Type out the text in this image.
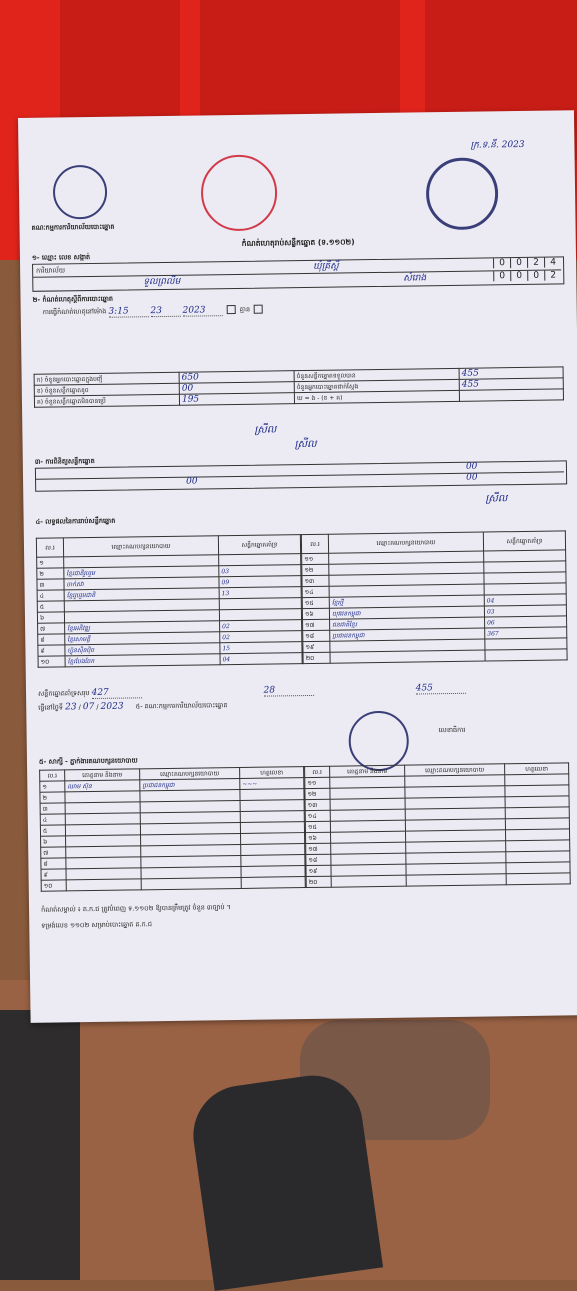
គណៈកម្មការការិយាល័យបោះឆ្នោត
ក្រ.ទ.នី. 2023
កំណត់ហេតុរាប់សន្លឹកឆ្នោត (ទ.១១០២)
១- ឈ្មោះ លេខ សង្កាត់
ការិយាល័យ	ឃុំគ្រីស្តិ៍	0 0 2 4
ទួលព្រលឹម	សំរោង	0 0 0 2
២- កំណត់ហេតុស្ដីពីការបោះឆ្នោត
ការធ្វើកំណត់ហេតុនៅម៉ោង 3:15 23 2023	គ្មាន
ក) ចំនួនអ្នកបោះឆ្នោតក្នុងបញ្ជី	650	ចំនួនសន្លឹកឆ្នោតទទួលបាន	455
ខ) ចំនួនសន្លឹកឆ្នោតខូច	00	ចំនួនអ្នកបោះឆ្នោតជាក់ស្តែង	455
គ) ចំនួនសន្លឹកឆ្នោតមិនបានប្រើ	195	ឃ = ង - (ខ + គ)	
ស្រីល
ស្រីល
៣- ការពិនិត្យសន្លឹកឆ្នោត
00
00	00
ស្រីល
៤- លទ្ធផលនៃការរាប់សន្លឹកឆ្នោត
ល.រ	ឈ្មោះគណបក្សនយោបាយ	សន្លឹកឆ្នោតគាំទ្រ
១		
២	ខ្មែរជាតិរួបរួម	03
៣	ចាក់តវា	09
៤	ខ្មែររួបរួមជាតិ	13
៥		
៦		
៧	ខ្មែរអភិវឌ្ឍ	02
៨	ខ្មែរសាមគ្គី	02
៩	ហ៊្វុនស៊ិនប៉ិច	15
១០	ខ្មែរបែងចែក	04
ល.រ	ឈ្មោះគណបក្សនយោបាយ	សន្លឹកឆ្នោតគាំទ្រ
១១		
១២		
១៣		
១៤		
១៥	ខ្មែរថ្មី	04
១៦	យុវជនកម្ពុជា	03
១៧	ជនជាតិខ្មែរ	06
១៨	ប្រជាជនកម្ពុជា	367
១៩		
២០		
សន្លឹកឆ្នោតគាំទ្រសរុប 427	28	455
ធ្វើនៅថ្ងៃទី 23 / 07 / 2023 ៥- គណៈកម្មការការិយាល័យបោះឆ្នោត
លេខាធិការ
៥- សាក្សី - ភ្នាក់ងារគណបក្សនយោបាយ
ល.រ	គោត្តនាម និងនាម	ឈ្មោះគណបក្សនយោបាយ	ហត្ថលេខា
១	ឈាម ស៊ុន	ប្រជាជនកម្ពុជា	~~~
២			
៣			
៤			
៥			
៦			
៧			
៨			
៩			
១០			
ល.រ	គោត្តនាម និងនាម	ឈ្មោះគណបក្សនយោបាយ	ហត្ថលេខា
១១			
១២			
១៣			
១៤			
១៥			
១៦			
១៧			
១៨			
១៩			
២០			
កំណត់សម្គាល់ ៖ គ.ក.ជ ត្រូវបំពេញ ទ.១១០២ ឱ្យបានត្រឹមត្រូវ ចំនួន ៣ច្បាប់ ។
ទម្រង់លេខ ១១០២ សម្រាប់បោះឆ្នោត គ.ក.ជ
